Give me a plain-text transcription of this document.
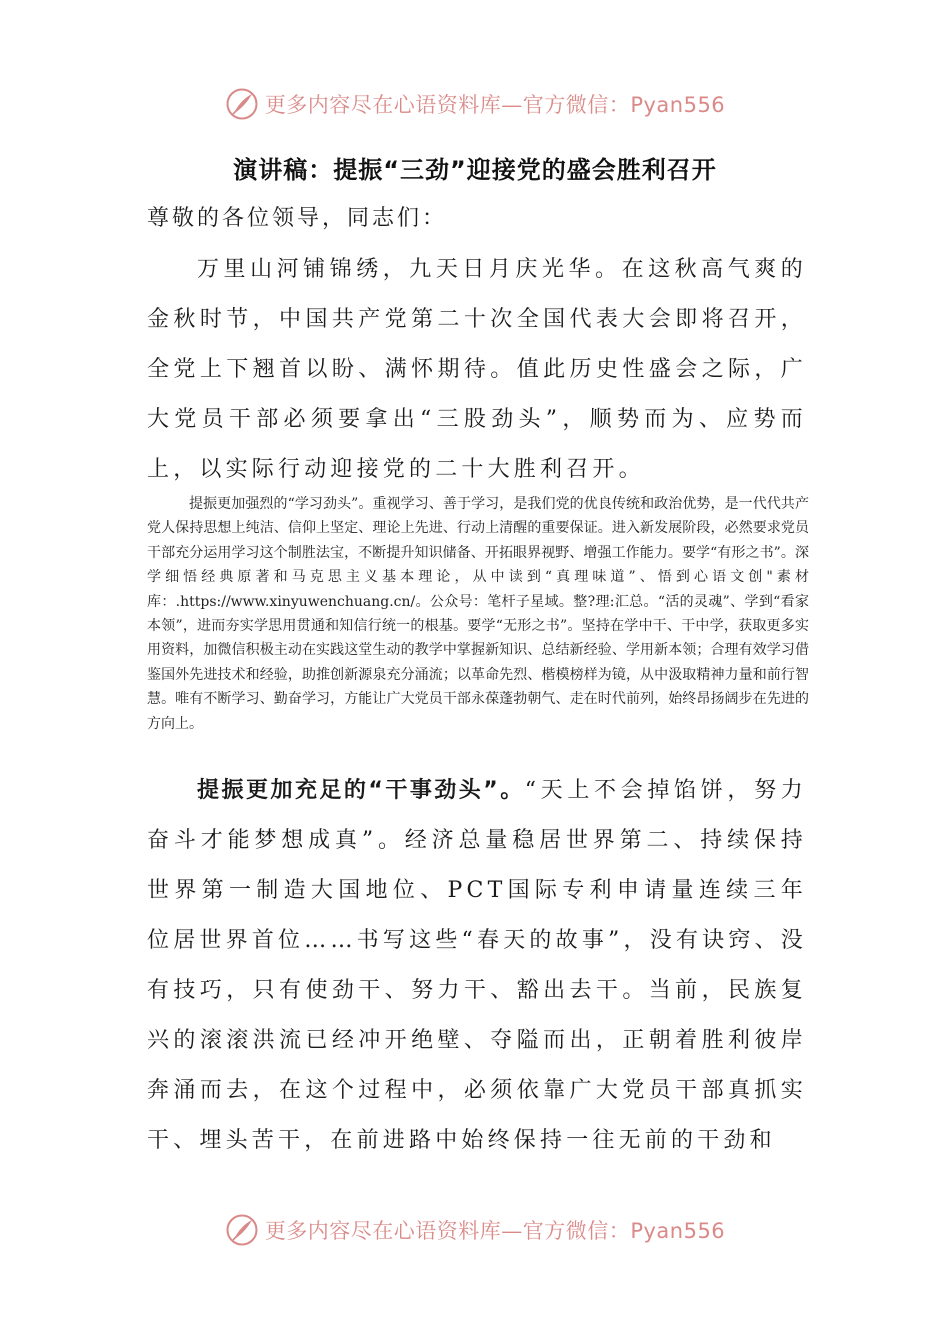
更多内容尽在心语资料库—官方微信：Pyan556
演讲稿：提振“三劲”迎接党的盛会胜利召开
尊敬的各位领导，同志们：

万里山河铺锦绣，九天日月庆光华。在这秋高气爽的金秋时节，中国共产党第二十次全国代表大会即将召开，全党上下翘首以盼、满怀期待。值此历史性盛会之际，广大党员干部必须要拿出“三股劲头”，顺势而为、应势而上，以实际行动迎接党的二十大胜利召开。

提振更加强烈的“学习劲头”。重视学习、善于学习，是我们党的优良传统和政治优势，是一代代共产党人保持思想上纯洁、信仰上坚定、理论上先进、行动上清醒的重要保证。进入新发展阶段，必然要求党员干部充分运用学习这个制胜法宝，不断提升知识储备、开拓眼界视野、增强工作能力。要学“有形之书”。深学细悟经典原著和马克思主义基本理论，从中读到“真理味道”、悟到心语文创"素材库：.https://www.xinyuwenchuang.cn/。公众号：笔杆子星域。整?理:汇总。“活的灵魂”、学到“看家本领”，进而夯实学思用贯通和知信行统一的根基。要学“无形之书”。坚持在学中干、干中学，获取更多实用资料，加微信积极主动在实践这堂生动的教学中掌握新知识、总结新经验、学用新本领；合理有效学习借鉴国外先进技术和经验，助推创新源泉充分涌流；以革命先烈、楷模榜样为镜，从中汲取精神力量和前行智慧。唯有不断学习、勤奋学习，方能让广大党员干部永葆蓬勃朝气、走在时代前列，始终昂扬阔步在先进的方向上。

提振更加充足的“干事劲头”。“天上不会掉馅饼，努力奋斗才能梦想成真”。经济总量稳居世界第二、持续保持世界第一制造大国地位、PCT国际专利申请量连续三年位居世界首位……书写这些“春天的故事”，没有诀窍、没有技巧，只有使劲干、努力干、豁出去干。当前，民族复兴的滚滚洪流已经冲开绝壁、夺隘而出，正朝着胜利彼岸奔涌而去，在这个过程中，必须依靠广大党员干部真抓实干、埋头苦干，在前进路中始终保持一往无前的干劲和

更多内容尽在心语资料库—官方微信：Pyan556
